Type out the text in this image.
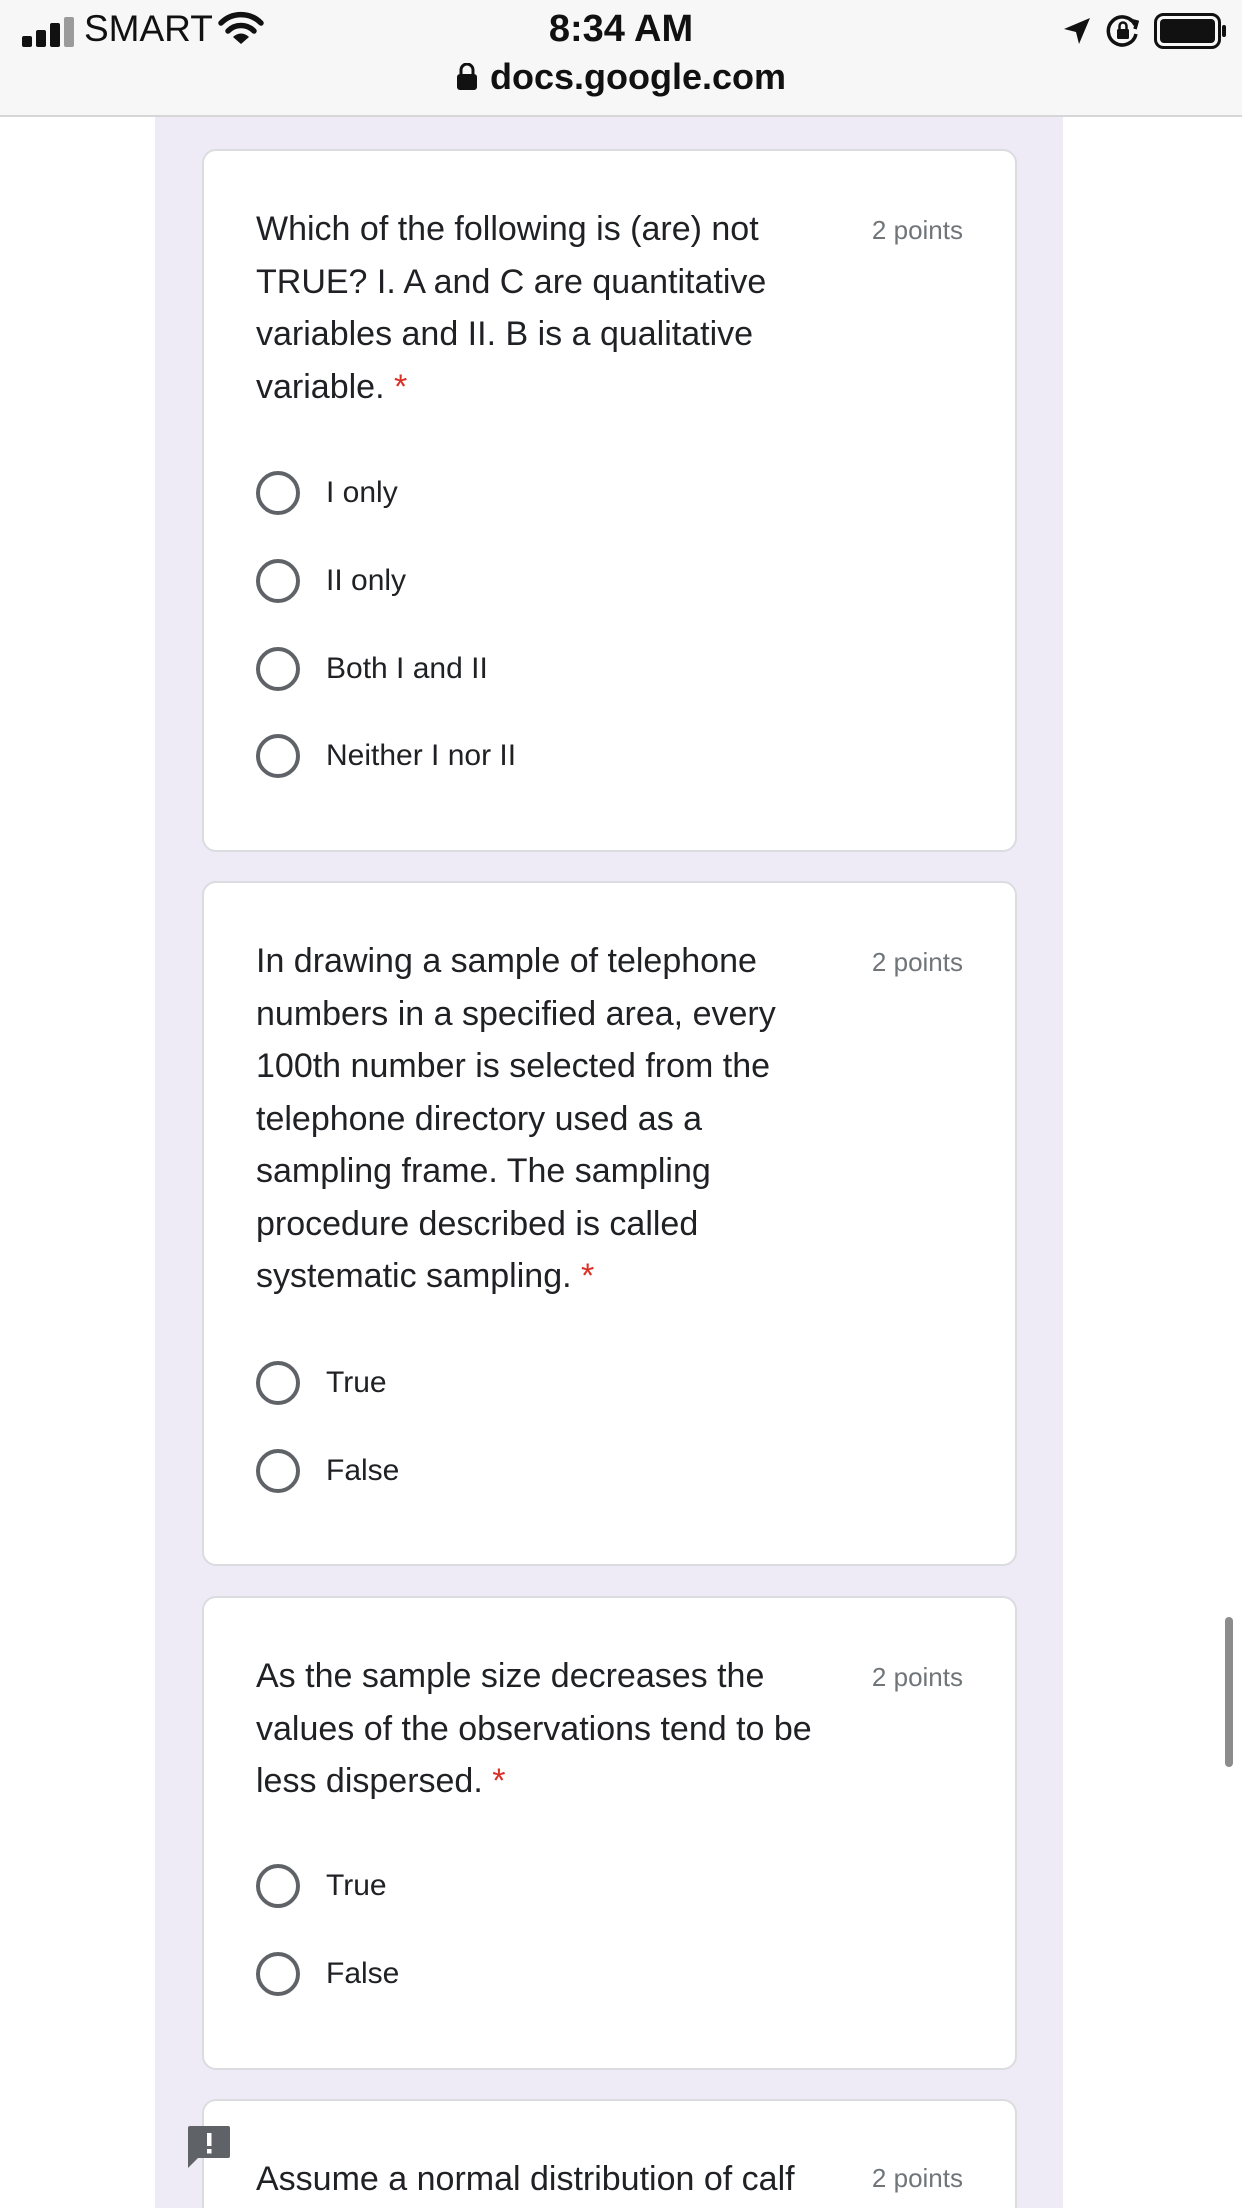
SMART	8:34 AM
docs.google.com
Which of the following is (are) not TRUE? I. A and C are quantitative variables and II. B is a qualitative variable. *
2 points
I only
II only
Both I and II
Neither I nor II
In drawing a sample of telephone numbers in a specified area, every 100th number is selected from the telephone directory used as a sampling frame. The sampling procedure described is called systematic sampling. *
2 points
True
False
As the sample size decreases the values of the observations tend to be less dispersed. *
2 points
True
False
Assume a normal distribution of calf	2 points
